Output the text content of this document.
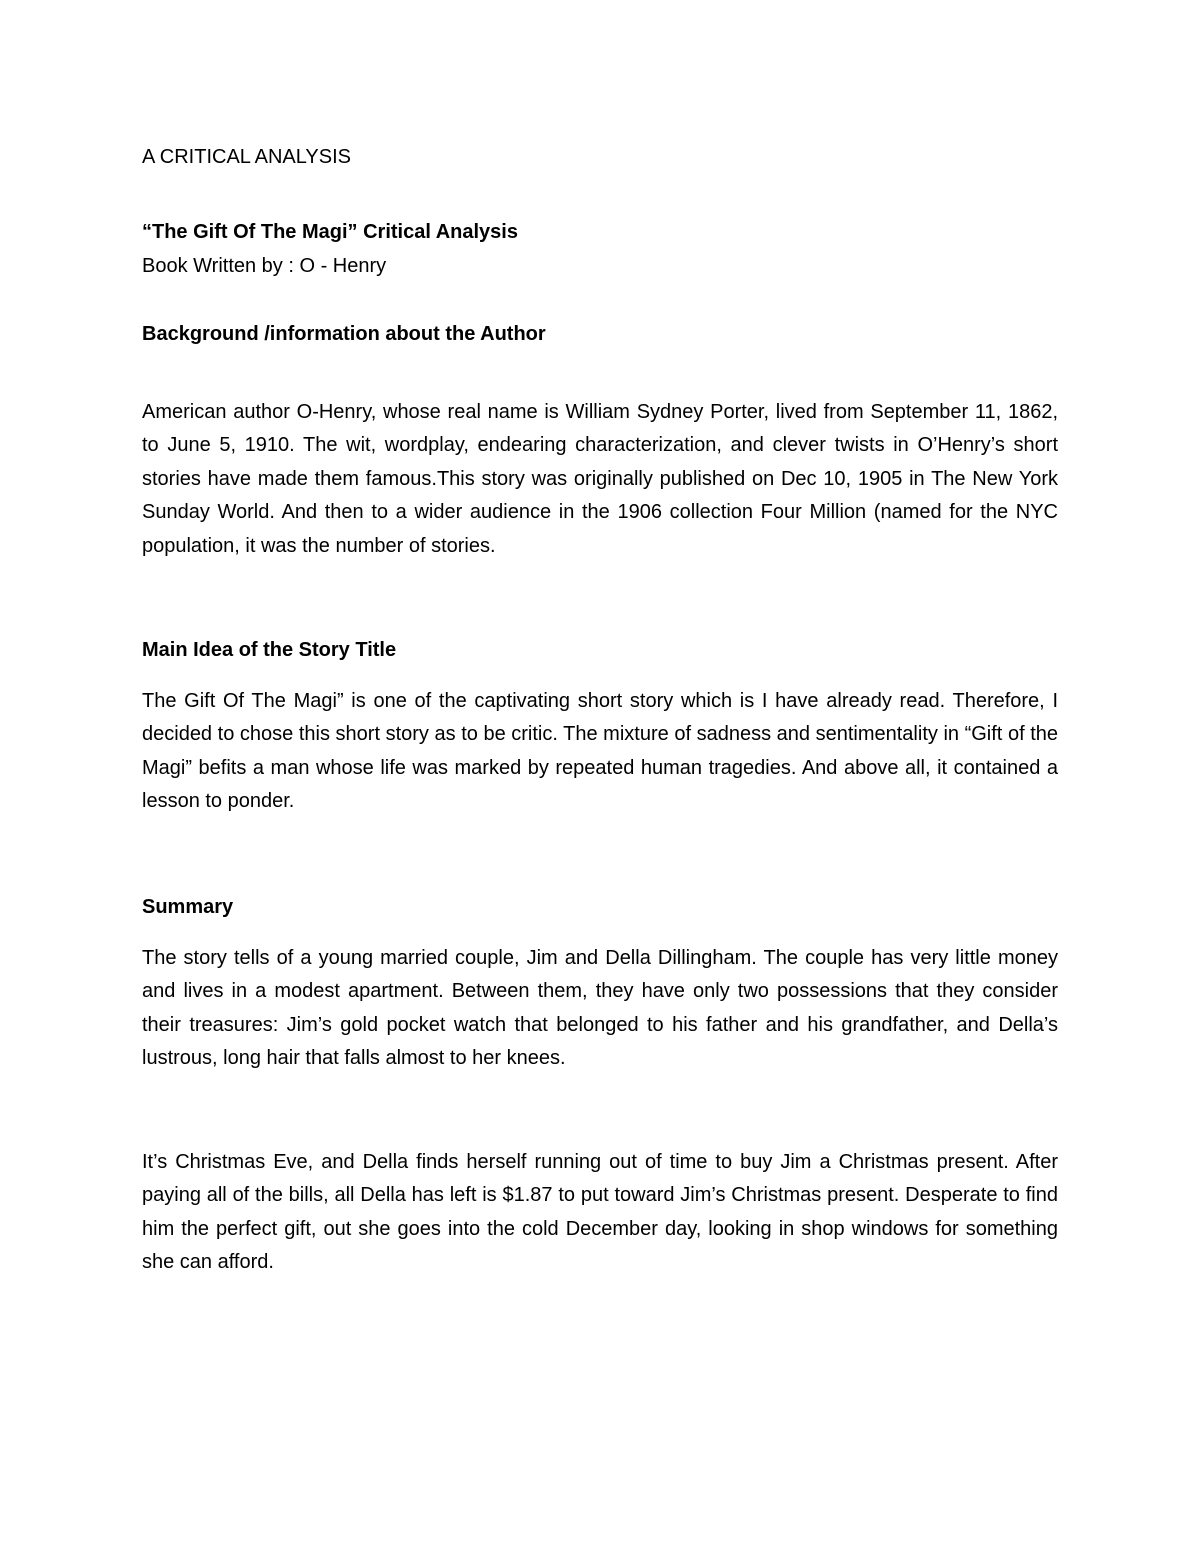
A CRITICAL ANALYSIS
“The Gift Of The Magi” Critical Analysis
Book Written by : O - Henry
Background /information about the Author
American author O-Henry, whose real name is William Sydney Porter, lived from September 11, 1862, to June 5, 1910. The wit, wordplay, endearing characterization, and clever twists in O’Henry’s short stories have made them famous.This story was originally published on Dec 10, 1905 in The New York Sunday World. And then to a wider audience in the 1906 collection Four Million (named for the NYC population, it was the number of stories.
Main Idea of the Story Title
The Gift Of The Magi” is one of the captivating short story which is I have already read. Therefore, I decided to chose this short story as to be critic. The mixture of sadness and sentimentality in “Gift of the Magi” befits a man whose life was marked by repeated human tragedies. And above all, it contained a lesson to ponder.
Summary
The story tells of a young married couple, Jim and Della Dillingham. The couple has very little money and lives in a modest apartment. Between them, they have only two possessions that they consider their treasures: Jim’s gold pocket watch that belonged to his father and his grandfather, and Della’s lustrous, long hair that falls almost to her knees.
It’s Christmas Eve, and Della finds herself running out of time to buy Jim a Christmas present. After paying all of the bills, all Della has left is $1.87 to put toward Jim’s Christmas present. Desperate to find him the perfect gift, out she goes into the cold December day, looking in shop windows for something she can afford.
